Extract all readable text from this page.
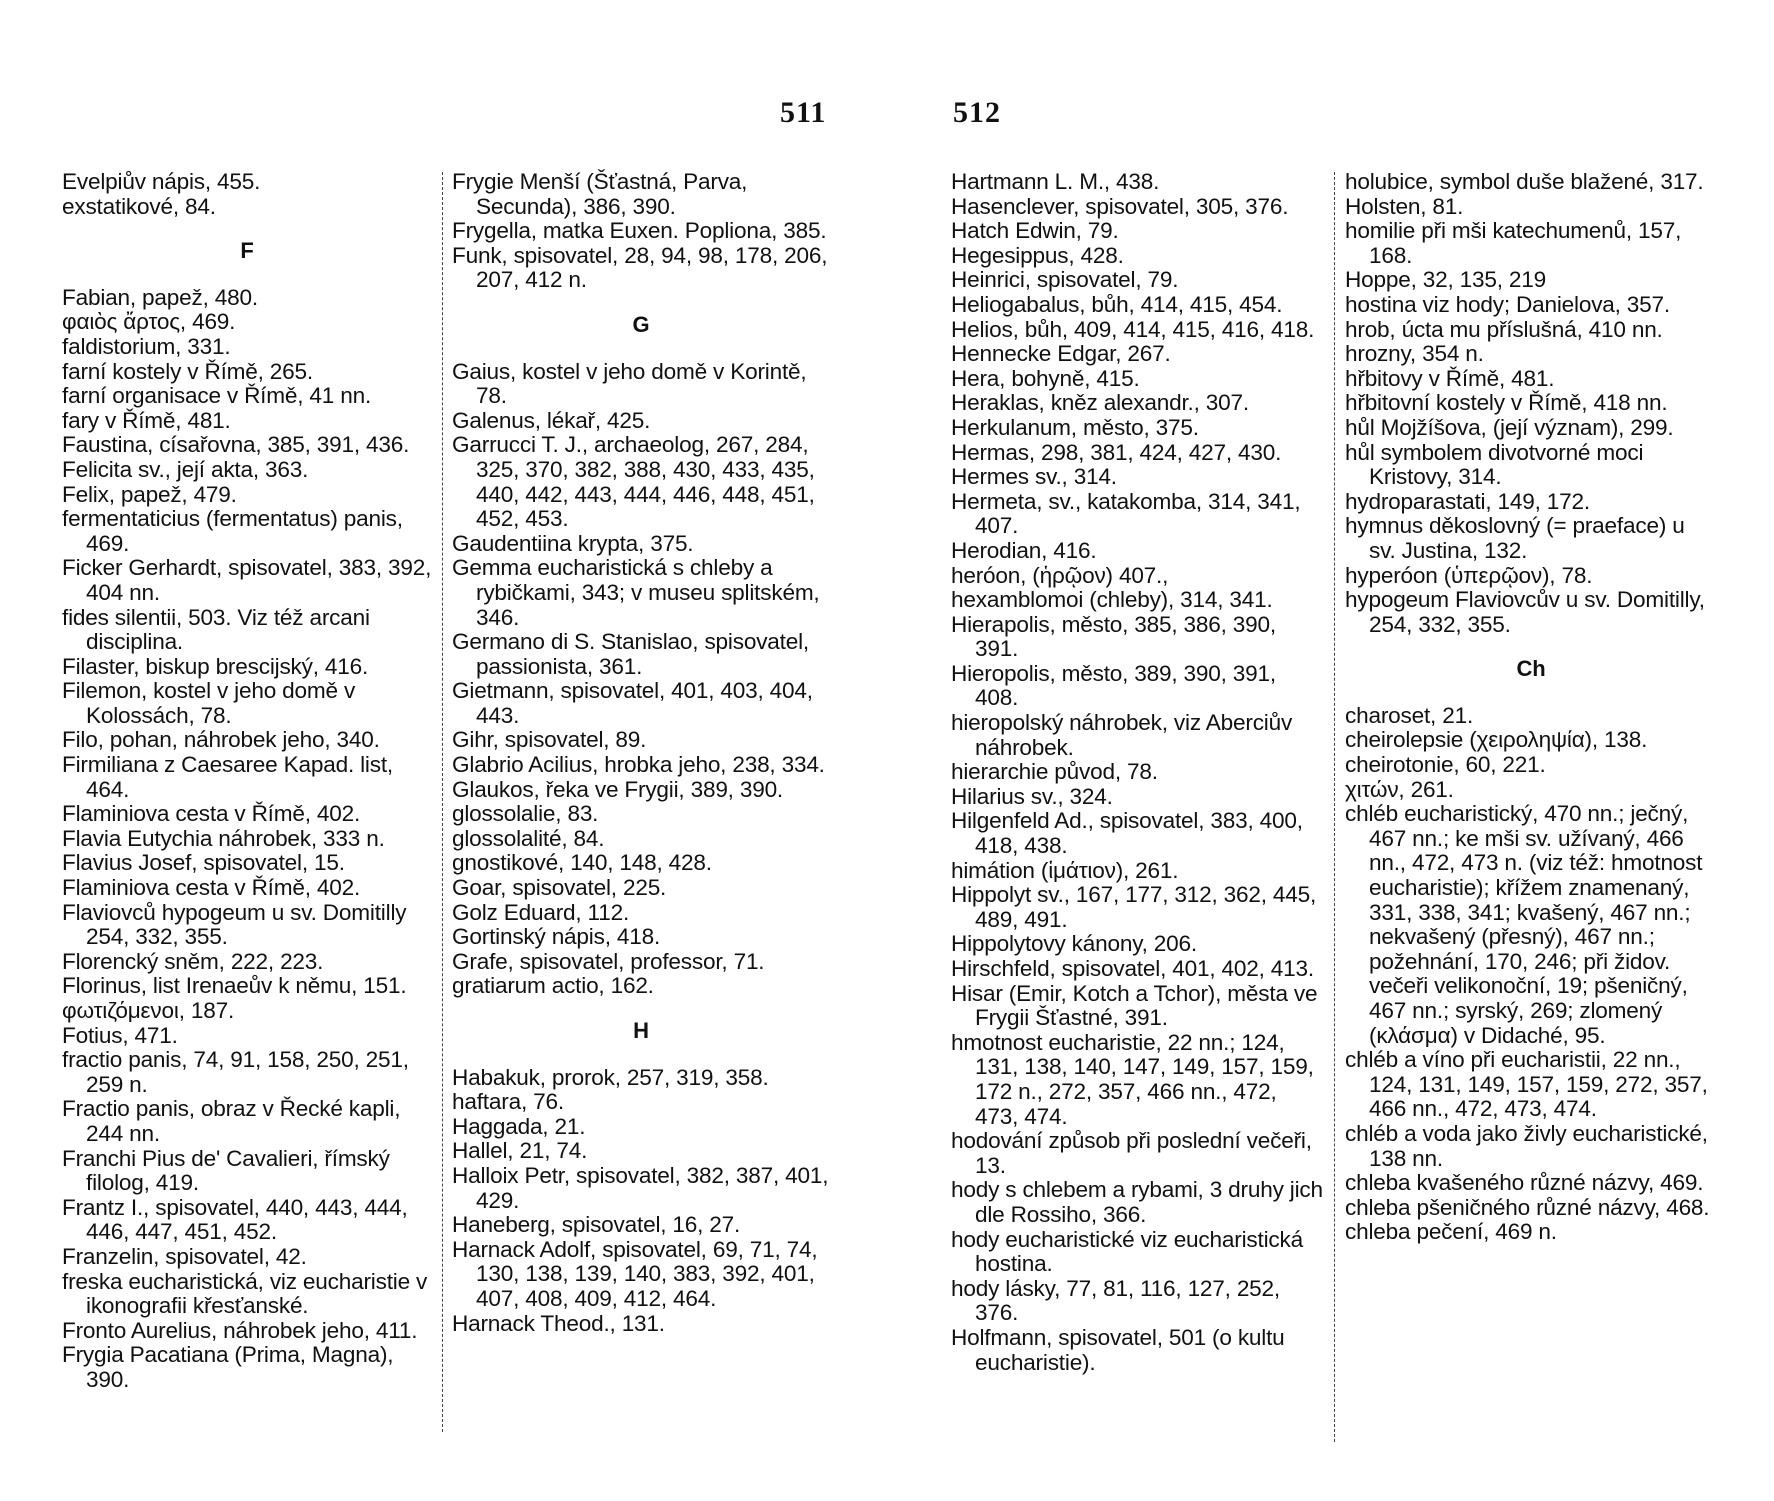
511	512
Evelpiův nápis, 455.
exstatikové, 84.
F
Fabian, papež, 480.
φαιὸς ἄρτος, 469.
faldistorium, 331.
farní kostely v Římě, 265.
farní organisace v Římě, 41 nn.
fary v Římě, 481.
Faustina, císařovna, 385, 391, 436.
Felicita sv., její akta, 363.
Felix, papež, 479.
fermentaticius (fermentatus) panis, 469.
Ficker Gerhardt, spisovatel, 383, 392, 404 nn.
fides silentii, 503. Viz též arcani disciplina.
Filaster, biskup brescijský, 416.
Filemon, kostel v jeho domě v Kolossách, 78.
Filo, pohan, náhrobek jeho, 340.
Firmiliana z Caesaree Kapad. list, 464.
Flaminiova cesta v Římě, 402.
Flavia Eutychia náhrobek, 333 n.
Flavius Josef, spisovatel, 15.
Flaminiova cesta v Římě, 402.
Flaviovců hypogeum u sv. Domitilly 254, 332, 355.
Florencký sněm, 222, 223.
Florinus, list Irenaeův k němu, 151.
φωτιζόμενοι, 187.
Fotius, 471.
fractio panis, 74, 91, 158, 250, 251, 259 n.
Fractio panis, obraz v Řecké kapli, 244 nn.
Franchi Pius de' Cavalieri, římský filolog, 419.
Frantz I., spisovatel, 440, 443, 444, 446, 447, 451, 452.
Franzelin, spisovatel, 42.
freska eucharistická, viz eucharistie v ikonografii křesťanské.
Fronto Aurelius, náhrobek jeho, 411.
Frygia Pacatiana (Prima, Magna), 390.
Frygie Menší (Šťastná, Parva, Secunda), 386, 390.
Frygella, matka Euxen. Popliona, 385.
Funk, spisovatel, 28, 94, 98, 178, 206, 207, 412 n.
G
Gaius, kostel v jeho domě v Korintě, 78.
Galenus, lékař, 425.
Garrucci T. J., archaeolog, 267, 284, 325, 370, 382, 388, 430, 433, 435, 440, 442, 443, 444, 446, 448, 451, 452, 453.
Gaudentiina krypta, 375.
Gemma eucharistická s chleby a rybičkami, 343; v museu splitském, 346.
Germano di S. Stanislao, spisovatel, passionista, 361.
Gietmann, spisovatel, 401, 403, 404, 443.
Gihr, spisovatel, 89.
Glabrio Acilius, hrobka jeho, 238, 334.
Glaukos, řeka ve Frygii, 389, 390.
glossolalie, 83.
glossolalité, 84.
gnostikové, 140, 148, 428.
Goar, spisovatel, 225.
Golz Eduard, 112.
Gortinský nápis, 418.
Grafe, spisovatel, professor, 71.
gratiarum actio, 162.
H
Habakuk, prorok, 257, 319, 358.
haftara, 76.
Haggada, 21.
Hallel, 21, 74.
Halloix Petr, spisovatel, 382, 387, 401, 429.
Haneberg, spisovatel, 16, 27.
Harnack Adolf, spisovatel, 69, 71, 74, 130, 138, 139, 140, 383, 392, 401, 407, 408, 409, 412, 464.
Harnack Theod., 131.
Hartmann L. M., 438.
Hasenclever, spisovatel, 305, 376.
Hatch Edwin, 79.
Hegesippus, 428.
Heinrici, spisovatel, 79.
Heliogabalus, bůh, 414, 415, 454.
Helios, bůh, 409, 414, 415, 416, 418.
Hennecke Edgar, 267.
Hera, bohyně, 415.
Heraklas, kněz alexandr., 307.
Herkulanum, město, 375.
Hermas, 298, 381, 424, 427, 430.
Hermes sv., 314.
Hermeta, sv., katakomba, 314, 341, 407.
Herodian, 416.
heróon, (ἡρῷον) 407.,
hexamblomoi (chleby), 314, 341.
Hierapolis, město, 385, 386, 390, 391.
Hieropolis, město, 389, 390, 391, 408.
hieropolský náhrobek, viz Aberciův náhrobek.
hierarchie původ, 78.
Hilarius sv., 324.
Hilgenfeld Ad., spisovatel, 383, 400, 418, 438.
himátion (ἱμάτιον), 261.
Hippolyt sv., 167, 177, 312, 362, 445, 489, 491.
Hippolytovy kánony, 206.
Hirschfeld, spisovatel, 401, 402, 413.
Hisar (Emir, Kotch a Tchor), města ve Frygii Šťastné, 391.
hmotnost eucharistie, 22 nn.; 124, 131, 138, 140, 147, 149, 157, 159, 172 n., 272, 357, 466 nn., 472, 473, 474.
hodování způsob při poslední večeři, 13.
hody s chlebem a rybami, 3 druhy jich dle Rossiho, 366.
hody eucharistické viz eucharistická hostina.
hody lásky, 77, 81, 116, 127, 252, 376.
Holfmann, spisovatel, 501 (o kultu eucharistie).
holubice, symbol duše blažené, 317.
Holsten, 81.
homilie při mši katechumenů, 157, 168.
Hoppe, 32, 135, 219
hostina viz hody; Danielova, 357.
hrob, úcta mu příslušná, 410 nn.
hrozny, 354 n.
hřbitovy v Římě, 481.
hřbitovní kostely v Římě, 418 nn.
hůl Mojžíšova, (její význam), 299.
hůl symbolem divotvorné moci Kristovy, 314.
hydroparastati, 149, 172.
hymnus děkoslovný (= praeface) u sv. Justina, 132.
hyperóon (ὑπερῷον), 78.
hypogeum Flaviovcův u sv. Domitilly, 254, 332, 355.
Ch
charoset, 21.
cheirolepsie (χειροληψία), 138.
cheirotonie, 60, 221.
χιτών, 261.
chléb eucharistický, 470 nn.; ječný, 467 nn.; ke mši sv. užívaný, 466 nn., 472, 473 n. (viz též: hmotnost eucharistie); křížem znamenaný, 331, 338, 341; kvašený, 467 nn.; nekvašený (přesný), 467 nn.; požehnání, 170, 246; při židov. večeři velikonoční, 19; pšeničný, 467 nn.; syrský, 269; zlomený (κλάσμα) v Didaché, 95.
chléb a víno při eucharistii, 22 nn., 124, 131, 149, 157, 159, 272, 357, 466 nn., 472, 473, 474.
chléb a voda jako živly eucharistické, 138 nn.
chleba kvašeného různé názvy, 469.
chleba pšeničného různé názvy, 468.
chleba pečení, 469 n.
